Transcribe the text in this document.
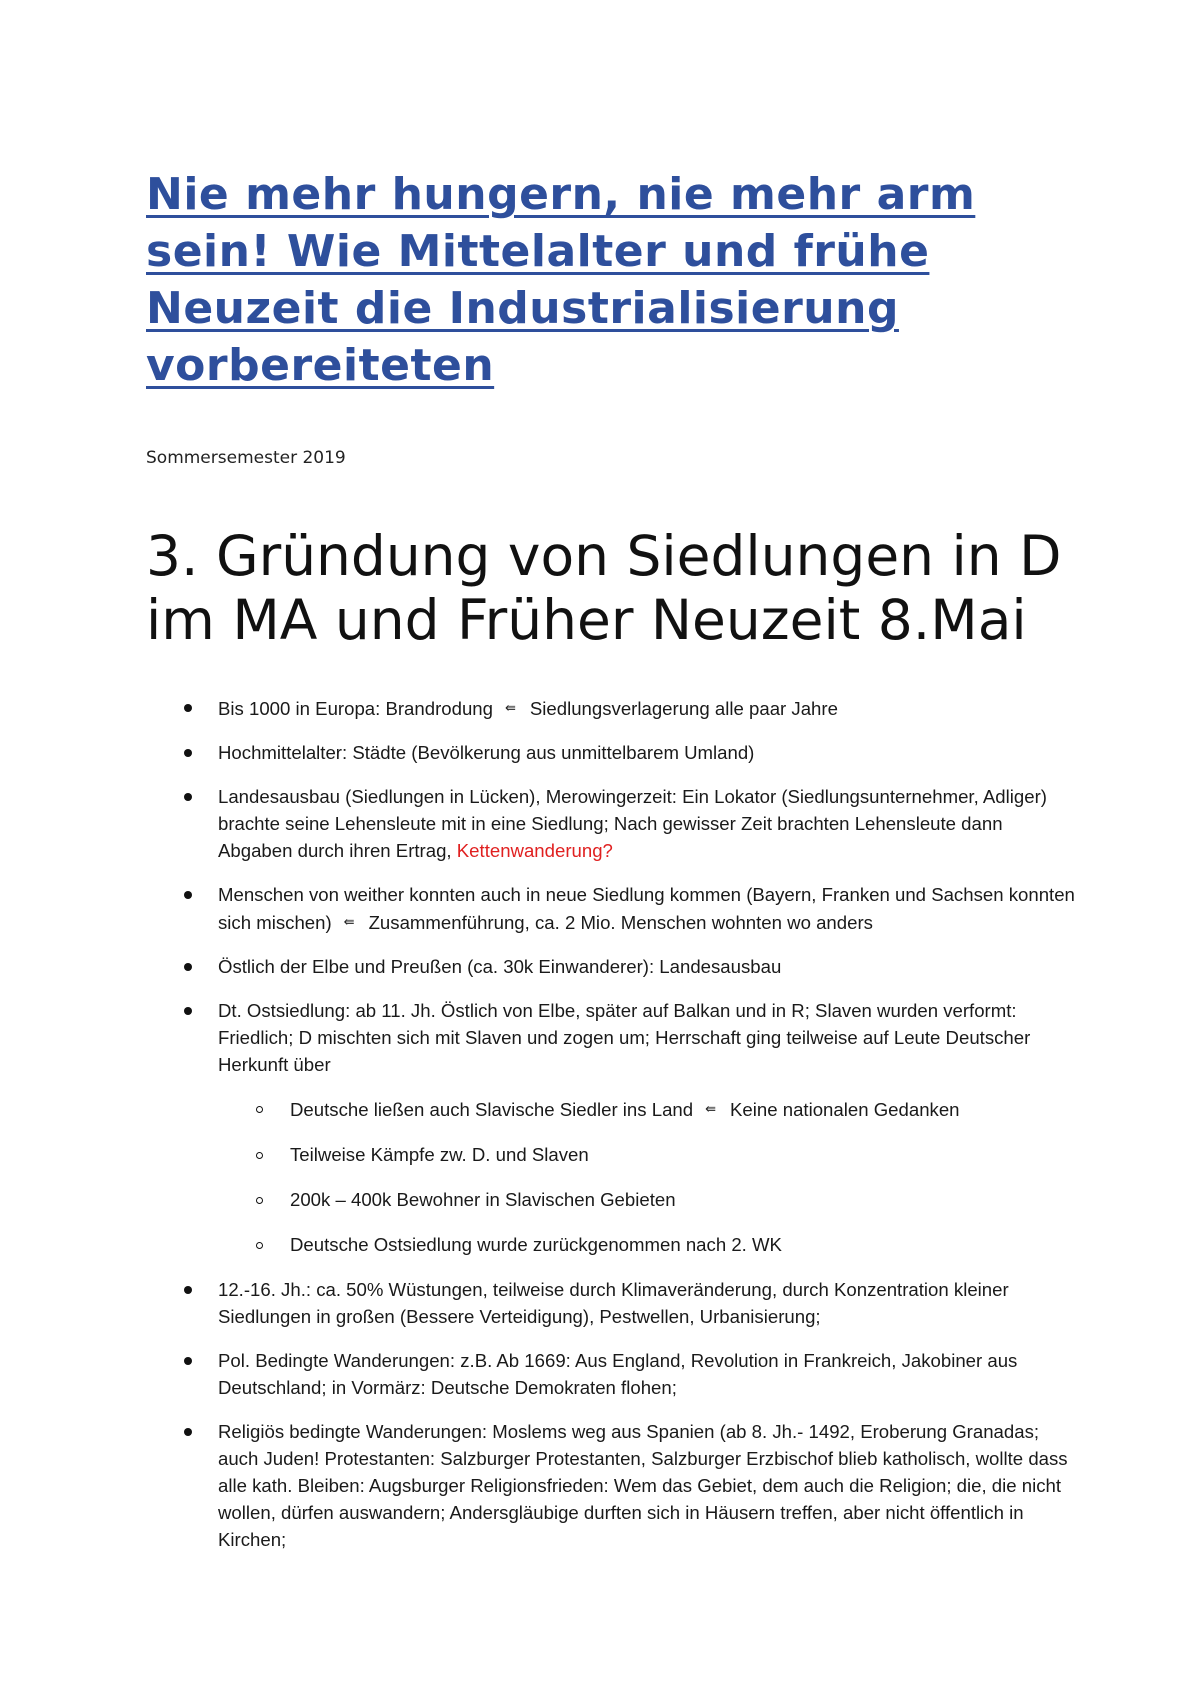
Nie mehr hungern, nie mehr arm sein! Wie Mittelalter und frühe Neuzeit die Industrialisierung vorbereiteten

Sommersemester 2019

3. Gründung von Siedlungen in D im MA und Früher Neuzeit 8.Mai
Bis 1000 in Europa: Brandrodung ⇚ Siedlungsverlagerung alle paar Jahre
Hochmittelalter: Städte (Bevölkerung aus unmittelbarem Umland)
Landesausbau (Siedlungen in Lücken), Merowingerzeit: Ein Lokator (Siedlungsunternehmer, Adliger) brachte seine Lehensleute mit in eine Siedlung; Nach gewisser Zeit brachten Lehensleute dann Abgaben durch ihren Ertrag, Kettenwanderung?
Menschen von weither konnten auch in neue Siedlung kommen (Bayern, Franken und Sachsen konnten sich mischen) ⇚ Zusammenführung, ca. 2 Mio. Menschen wohnten wo anders
Östlich der Elbe und Preußen (ca. 30k Einwanderer): Landesausbau
Dt. Ostsiedlung: ab 11. Jh. Östlich von Elbe, später auf Balkan und in R; Slaven wurden verformt: Friedlich; D mischten sich mit Slaven und zogen um; Herrschaft ging teilweise auf Leute Deutscher Herkunft über
Deutsche ließen auch Slavische Siedler ins Land ⇚ Keine nationalen Gedanken
Teilweise Kämpfe zw. D. und Slaven
200k – 400k Bewohner in Slavischen Gebieten
Deutsche Ostsiedlung wurde zurückgenommen nach 2. WK
12.-16. Jh.: ca. 50% Wüstungen, teilweise durch Klimaveränderung, durch Konzentration kleiner Siedlungen in großen (Bessere Verteidigung), Pestwellen, Urbanisierung;
Pol. Bedingte Wanderungen: z.B. Ab 1669: Aus England, Revolution in Frankreich, Jakobiner aus Deutschland; in Vormärz: Deutsche Demokraten flohen;
Religiös bedingte Wanderungen: Moslems weg aus Spanien (ab 8. Jh.- 1492, Eroberung Granadas; auch Juden! Protestanten: Salzburger Protestanten, Salzburger Erzbischof blieb katholisch, wollte dass alle kath. Bleiben: Augsburger Religionsfrieden: Wem das Gebiet, dem auch die Religion; die, die nicht wollen, dürfen auswandern; Andersgläubige durften sich in Häusern treffen, aber nicht öffentlich in Kirchen;
